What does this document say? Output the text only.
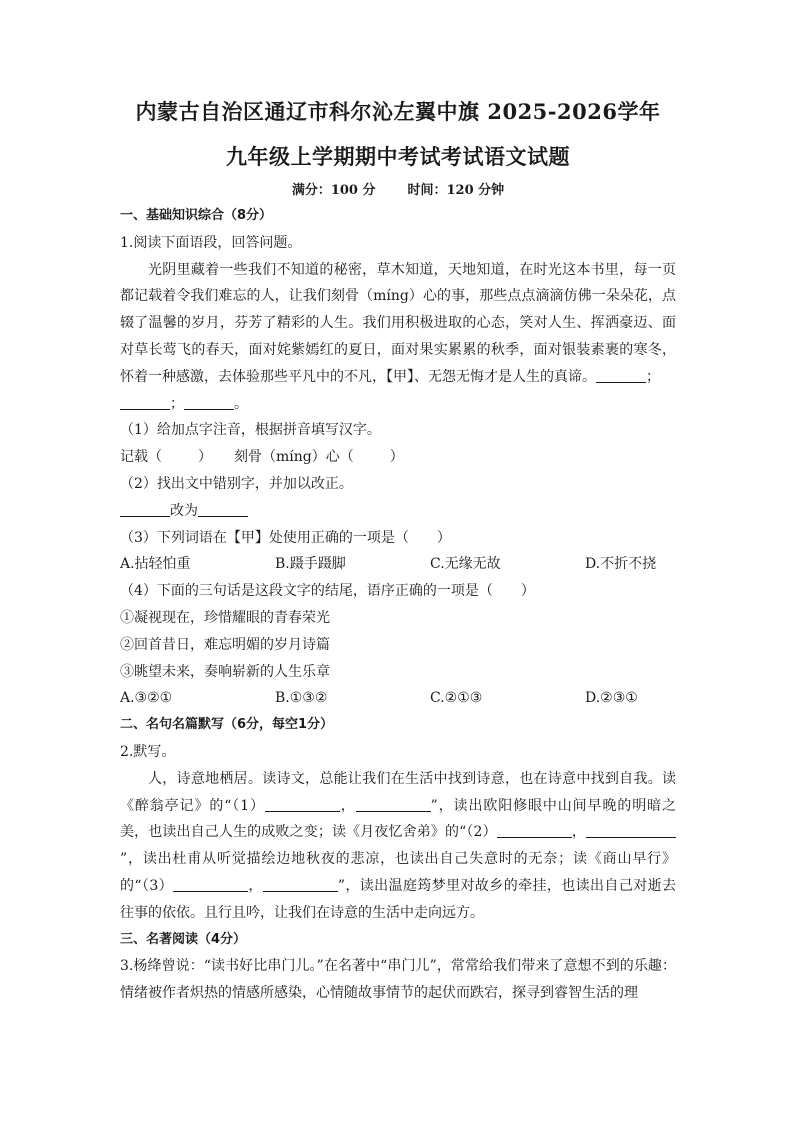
内蒙古自治区通辽市科尔沁左翼中旗 2025-2026学年
九年级上学期期中考试考试语文试题
满分：100 分 时间：120 分钟
一、基础知识综合（8分）
1.阅读下面语段，回答问题。
光阴里藏着一些我们不知道的秘密，草木知道，天地知道，在时光这本书里，每一页都记载着令我们难忘的人，让我们刻骨（míng）心的事，那些点点滴滴仿佛一朵朵花，点辍了温馨的岁月，芬芳了精彩的人生。我们用积极进取的心态，笑对人生、挥洒豪迈、面对草长莺飞的春天，面对姹紫嫣红的夏日，面对果实累累的秋季，面对银装素裹的寒冬，怀着一种感激，去体验那些平凡中的不凡，【甲】、无怨无悔才是人生的真谛。	；
；	。
（1）给加点字注音，根据拼音填写汉字。
记载（	） 刻骨（míng）心（	）
（2）找出文中错别字，并加以改正。
改为
（3）下列词语在【甲】处使用正确的一项是（　　）
A.拈轻怕重	B.蹑手蹑脚	C.无缘无故	D.不折不挠
（4）下面的三句话是这段文字的结尾，语序正确的一项是（　　）
①凝视现在，珍惜耀眼的青春荣光
②回首昔日，难忘明媚的岁月诗篇
③眺望未来，奏响崭新的人生乐章
A.③②①	B.①③②	C.②①③	D.②③①
二、名句名篇默写（6分，每空1分）
2.默写。
人，诗意地栖居。读诗文，总能让我们在生活中找到诗意，也在诗意中找到自我。读《醉翁亭记》的“（1）	，	”，读出欧阳修眼中山间早晚的明暗之美，也读出自己人生的成败之变；读《月夜忆舍弟》的“（2）	，”，读出杜甫从听觉描绘边地秋夜的悲凉，也读出自己失意时的无奈；读《商山早行》的“（3）	，	”，读出温庭筠梦里对故乡的牵挂，也读出自己对逝去往事的依依。且行且吟，让我们在诗意的生活中走向远方。
三、名著阅读（4分）
3.杨绛曾说：“读书好比串门儿。”在名著中“串门儿”，常常给我们带来了意想不到的乐趣：情绪被作者炽热的情感所感染，心情随故事情节的起伏而跌宕，探寻到睿智生活的理
